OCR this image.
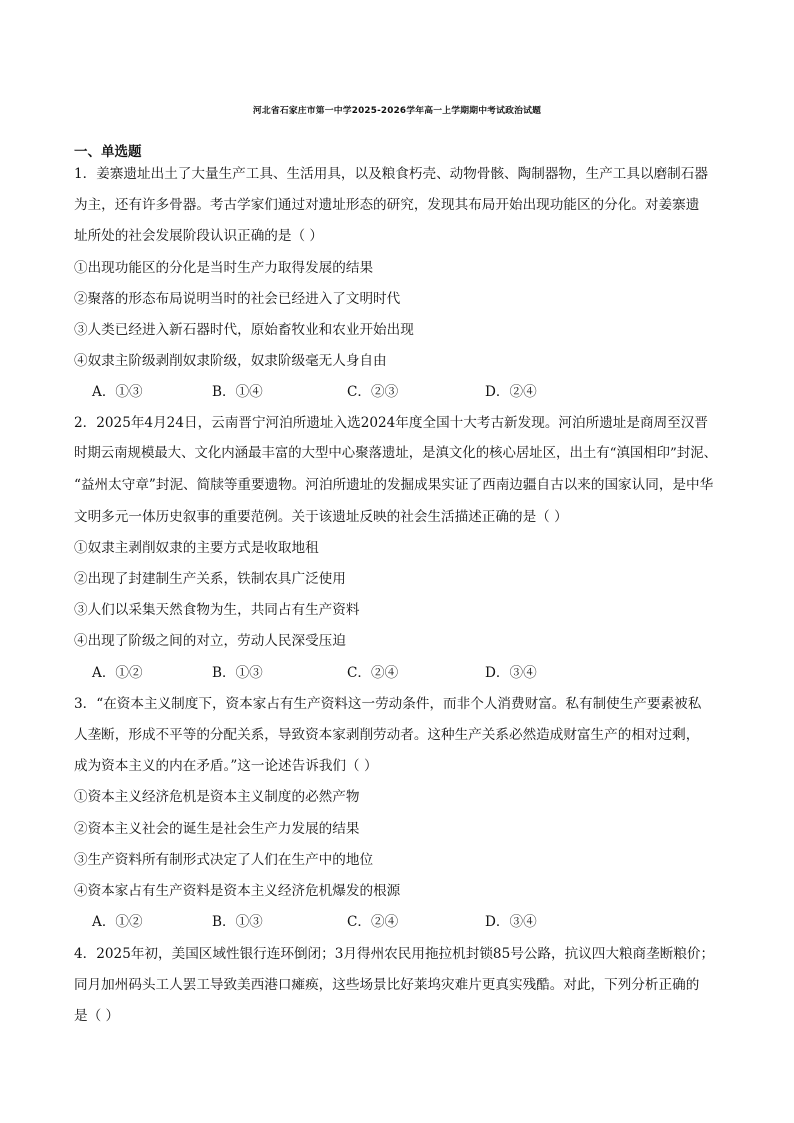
河北省石家庄市第一中学2025-2026学年高一上学期期中考试政治试题
一、单选题
1．姜寨遗址出土了大量生产工具、生活用具，以及粮食朽壳、动物骨骸、陶制器物，生产工具以磨制石器
为主，还有许多骨器。考古学家们通过对遗址形态的研究，发现其布局开始出现功能区的分化。对姜寨遗
址所处的社会发展阶段认识正确的是（ ）
①出现功能区的分化是当时生产力取得发展的结果
②聚落的形态布局说明当时的社会已经进入了文明时代
③人类已经进入新石器时代，原始畜牧业和农业开始出现
④奴隶主阶级剥削奴隶阶级，奴隶阶级毫无人身自由
A．①③	B．①④	C．②③	D．②④
2．2025年4月24日，云南晋宁河泊所遗址入选2024年度全国十大考古新发现。河泊所遗址是商周至汉晋
时期云南规模最大、文化内涵最丰富的大型中心聚落遗址，是滇文化的核心居址区，出土有“滇国相印”封泥、
“益州太守章”封泥、简牍等重要遗物。河泊所遗址的发掘成果实证了西南边疆自古以来的国家认同，是中华
文明多元一体历史叙事的重要范例。关于该遗址反映的社会生活描述正确的是（ ）
①奴隶主剥削奴隶的主要方式是收取地租
②出现了封建制生产关系，铁制农具广泛使用
③人们以采集天然食物为生，共同占有生产资料
④出现了阶级之间的对立，劳动人民深受压迫
A．①②	B．①③	C．②④	D．③④
3．“在资本主义制度下，资本家占有生产资料这一劳动条件，而非个人消费财富。私有制使生产要素被私
人垄断，形成不平等的分配关系，导致资本家剥削劳动者。这种生产关系必然造成财富生产的相对过剩，
成为资本主义的内在矛盾。”这一论述告诉我们（ ）
①资本主义经济危机是资本主义制度的必然产物
②资本主义社会的诞生是社会生产力发展的结果
③生产资料所有制形式决定了人们在生产中的地位
④资本家占有生产资料是资本主义经济危机爆发的根源
A．①②	B．①③	C．②④	D．③④
4．2025年初，美国区域性银行连环倒闭；3月得州农民用拖拉机封锁85号公路，抗议四大粮商垄断粮价；
同月加州码头工人罢工导致美西港口瘫痪，这些场景比好莱坞灾难片更真实残酷。对此，下列分析正确的
是（ ）
